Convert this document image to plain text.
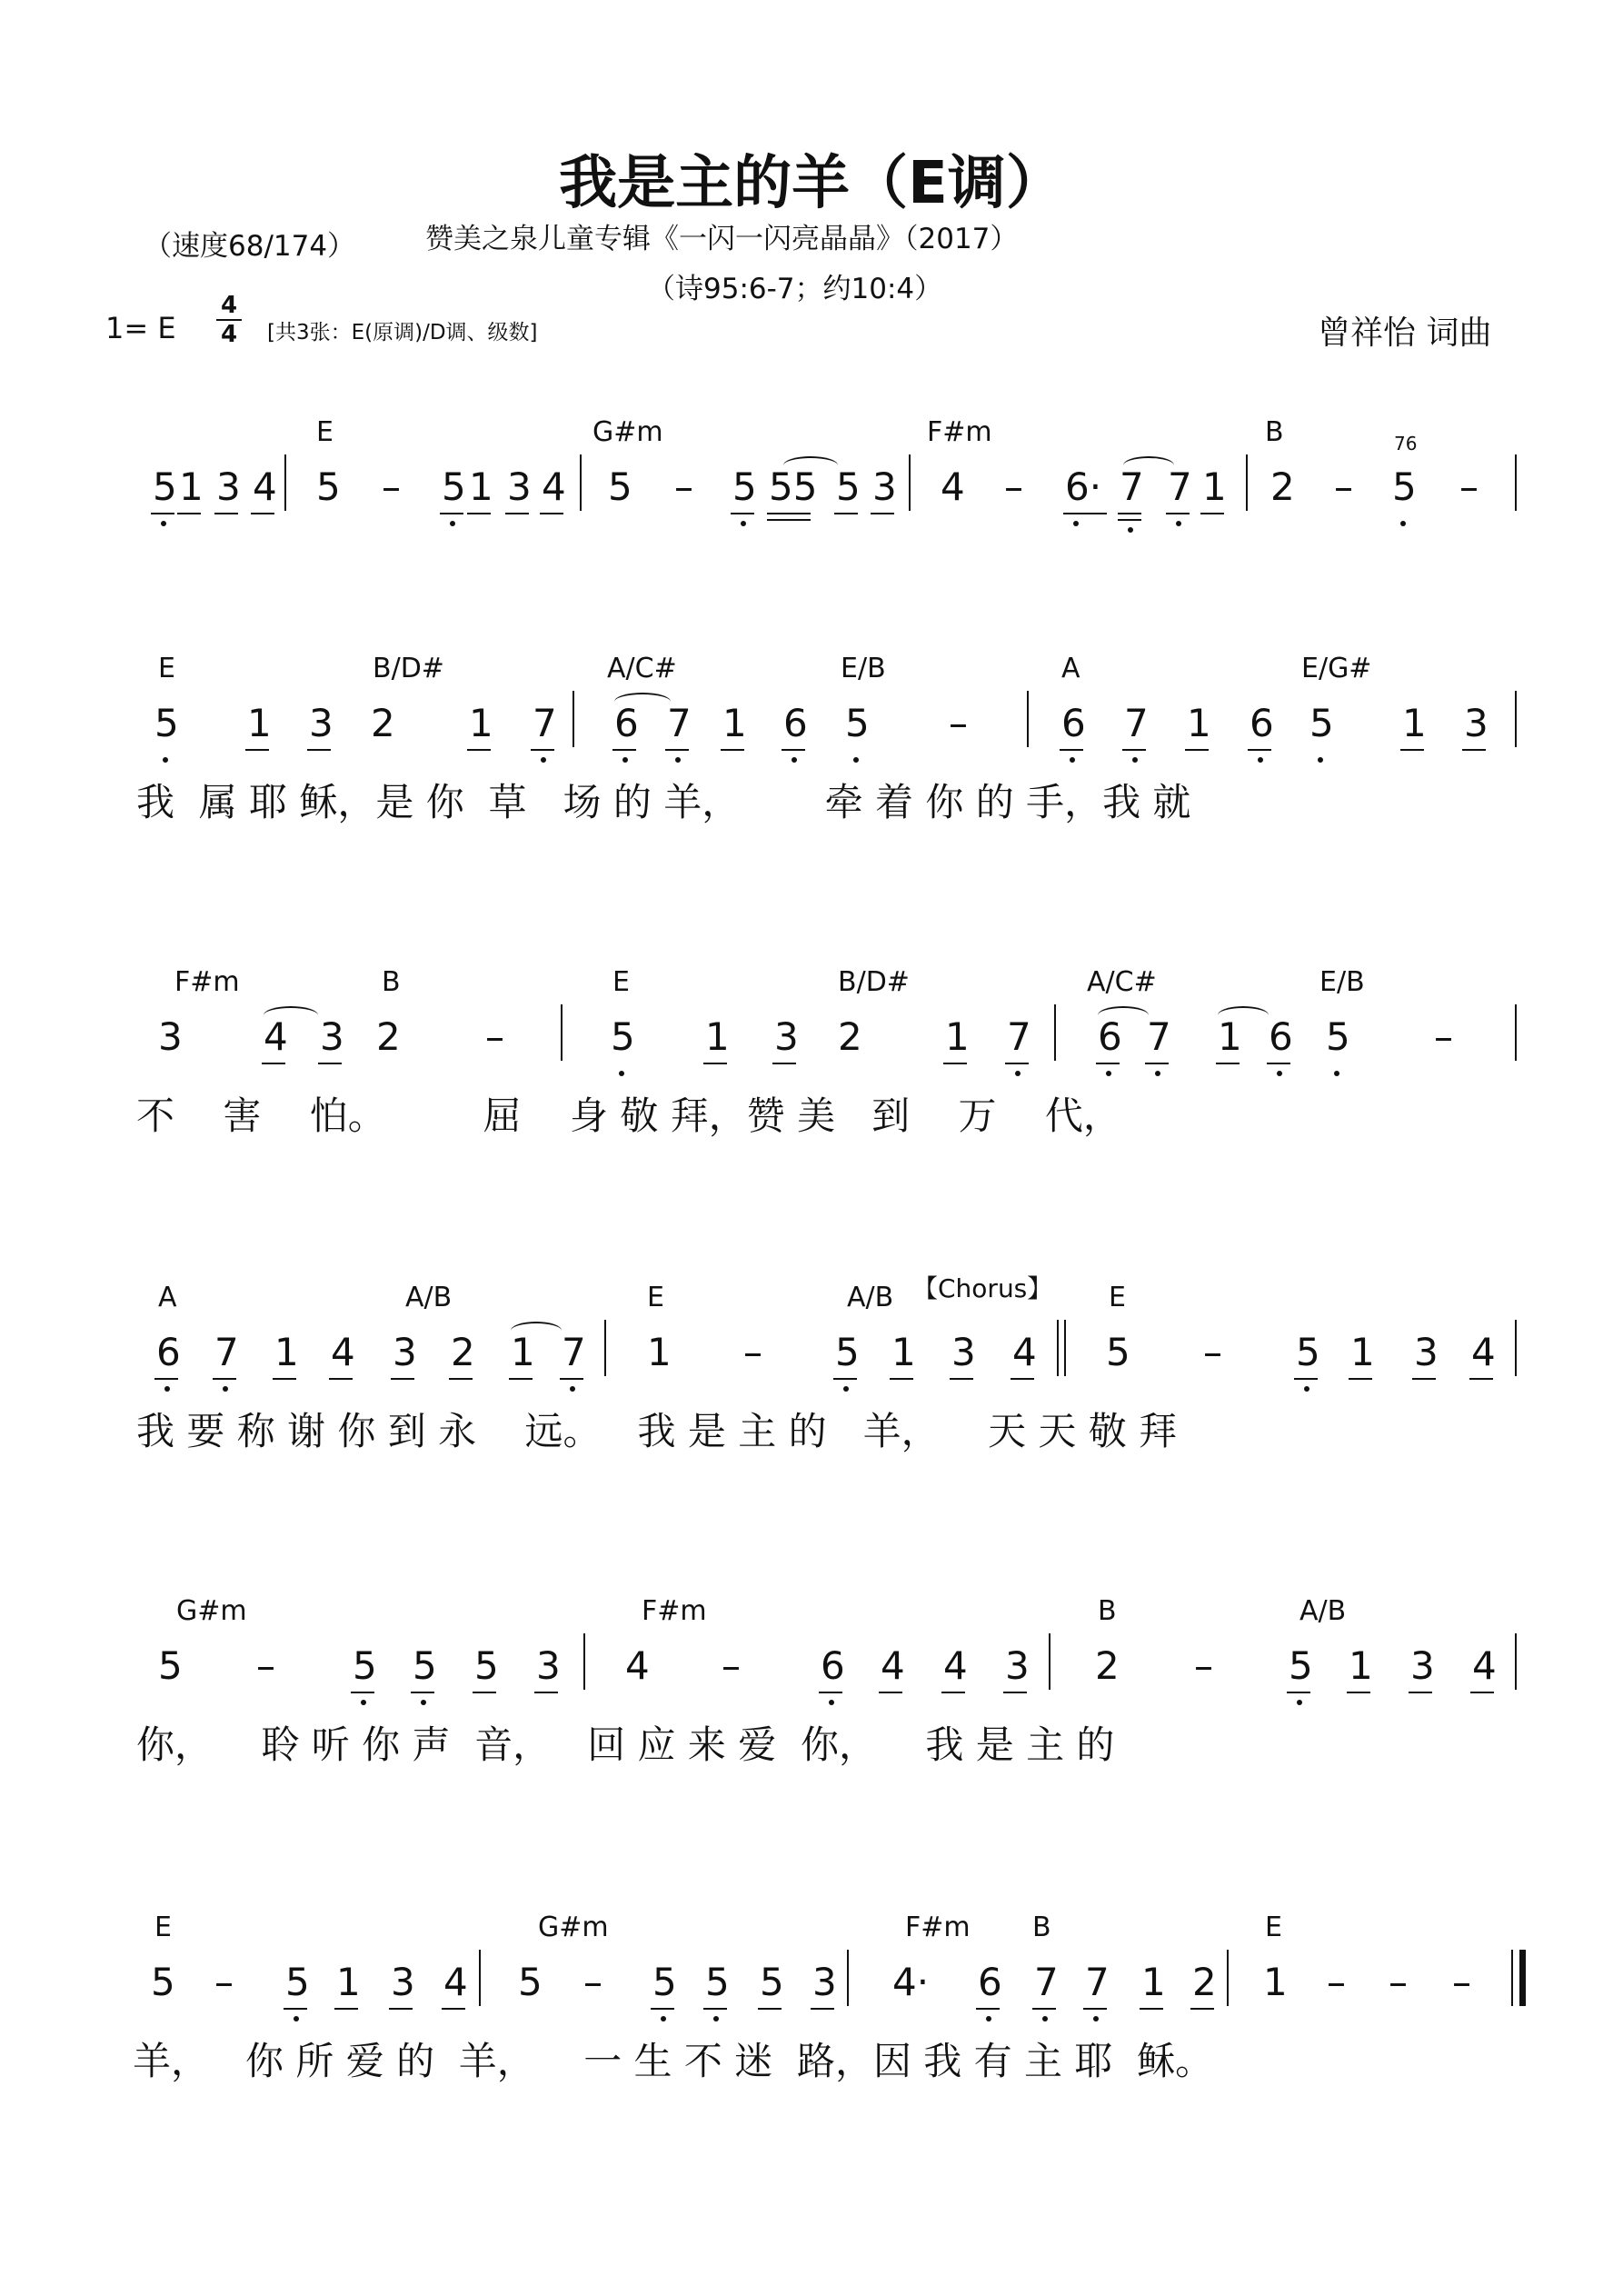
我是主的羊（E调）
（速度68/174） 赞美之泉儿童专辑《一闪一闪亮晶晶》（2017）
（诗95:6-7；约10:4）
1= E
4
4 [共3张：E(原调)/D调、级数]	曾祥怡 词曲
E	G#m	F#m	B
5 1 3 4 5 – 5 1 3 4 5 – 5 55 5 3 4 – 6· 7 7 1 2 – 5 –
E	B/D#	A/C#	E/B	A	E/G#
5 1 3 2 1 7 6 7 1 6 5 – 6 7 1 6 5 1 3
我  属 耶 稣，是 你  草   场 的 羊，       牵 着 你 的 手，我 就
F#m	B	E	B/D#	A/C#	E/B
3 4 3 2 –	5 1 3 2 1 7 6 7 1 6 5 –
不    害    怕。        屈    身 敬 拜，赞 美   到    万    代，
A	A/B	E	A/B	E
6 7 1 4 3 2 1 7 1 – 5 1 3 4 5 – 5 1 3 4
我 要 称 谢 你 到 永    远。   我 是 主 的   羊，    天 天 敬 拜
G#m	F#m	B	A/B
5 – 5 5 5 3 4 – 6 4 4 3 2 – 5 1 3 4
你，    聆 听 你 声  音，   回 应 来 爱  你，    我 是 主 的
E	G#m	F#m B	E
5 – 5 1 3 4 5 – 5 5 5 3 4· 6 7 7 1 2 1 – – –
羊，   你 所 爱 的  羊，    一 生 不 迷  路，因 我 有 主 耶  稣。
76
【Chorus】
